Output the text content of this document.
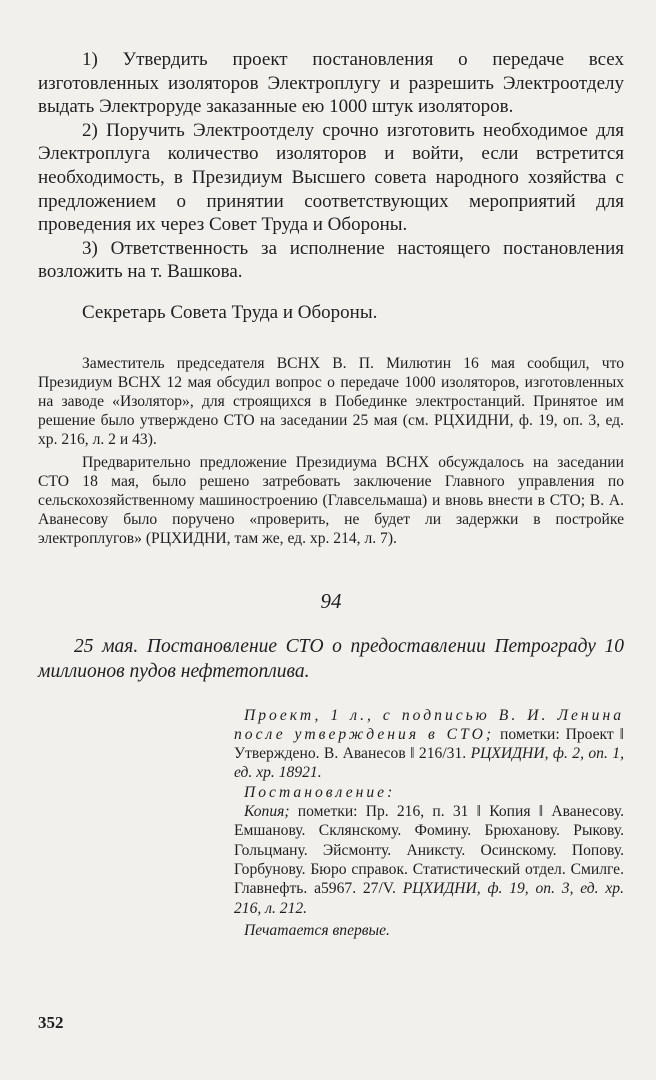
1) Утвердить проект постановления о передаче всех изготовленных изоляторов Электроплугу и разрешить Электроотделу выдать Электроруде заказанные ею 1000 штук изоляторов.

2) Поручить Электроотделу срочно изготовить необходимое для Электроплуга количество изоляторов и войти, если встретится необходимость, в Президиум Высшего совета народного хозяйства с предложением о принятии соответствующих мероприятий для проведения их через Совет Труда и Обороны.

3) Ответственность за исполнение настоящего постановления возложить на т. Вашкова.

Секретарь Совета Труда и Обороны.

Заместитель председателя ВСНХ В. П. Милютин 16 мая сообщил, что Президиум ВСНХ 12 мая обсудил вопрос о передаче 1000 изоляторов, изготовленных на заводе «Изолятор», для строящихся в Побединке электростанций. Принятое им решение было утверждено СТО на заседании 25 мая (см. РЦХИДНИ, ф. 19, оп. 3, ед. хр. 216, л. 2 и 43).

Предварительно предложение Президиума ВСНХ обсуждалось на заседании СТО 18 мая, было решено затребовать заключение Главного управления по сельскохозяйственному машиностроению (Главсельмаша) и вновь внести в СТО; В. А. Аванесову было поручено «проверить, не будет ли задержки в постройке электроплугов» (РЦХИДНИ, там же, ед. хр. 214, л. 7).

94
25 мая. Постановление СТО о предоставлении Петрограду 10 миллионов пудов нефтетоплива.

Проект, 1 л., с подписью В. И. Ленина после утверждения в СТО; пометки: Проект ‖ Утверждено. В. Аванесов ‖ 216/31. РЦХИДНИ, ф. 2, оп. 1, ед. хр. 18921.

Постановление:

Копия; пометки: Пр. 216, п. 31 ‖ Копия ‖ Аванесову. Емшанову. Склянскому. Фомину. Брюханову. Рыкову. Гольцману. Эйсмонту. Аниксту. Осинскому. Попову. Горбунову. Бюро справок. Статистический отдел. Смилге. Главнефть. а5967. 27/V. РЦХИДНИ, ф. 19, оп. 3, ед. хр. 216, л. 212.

Печатается впервые.

352
